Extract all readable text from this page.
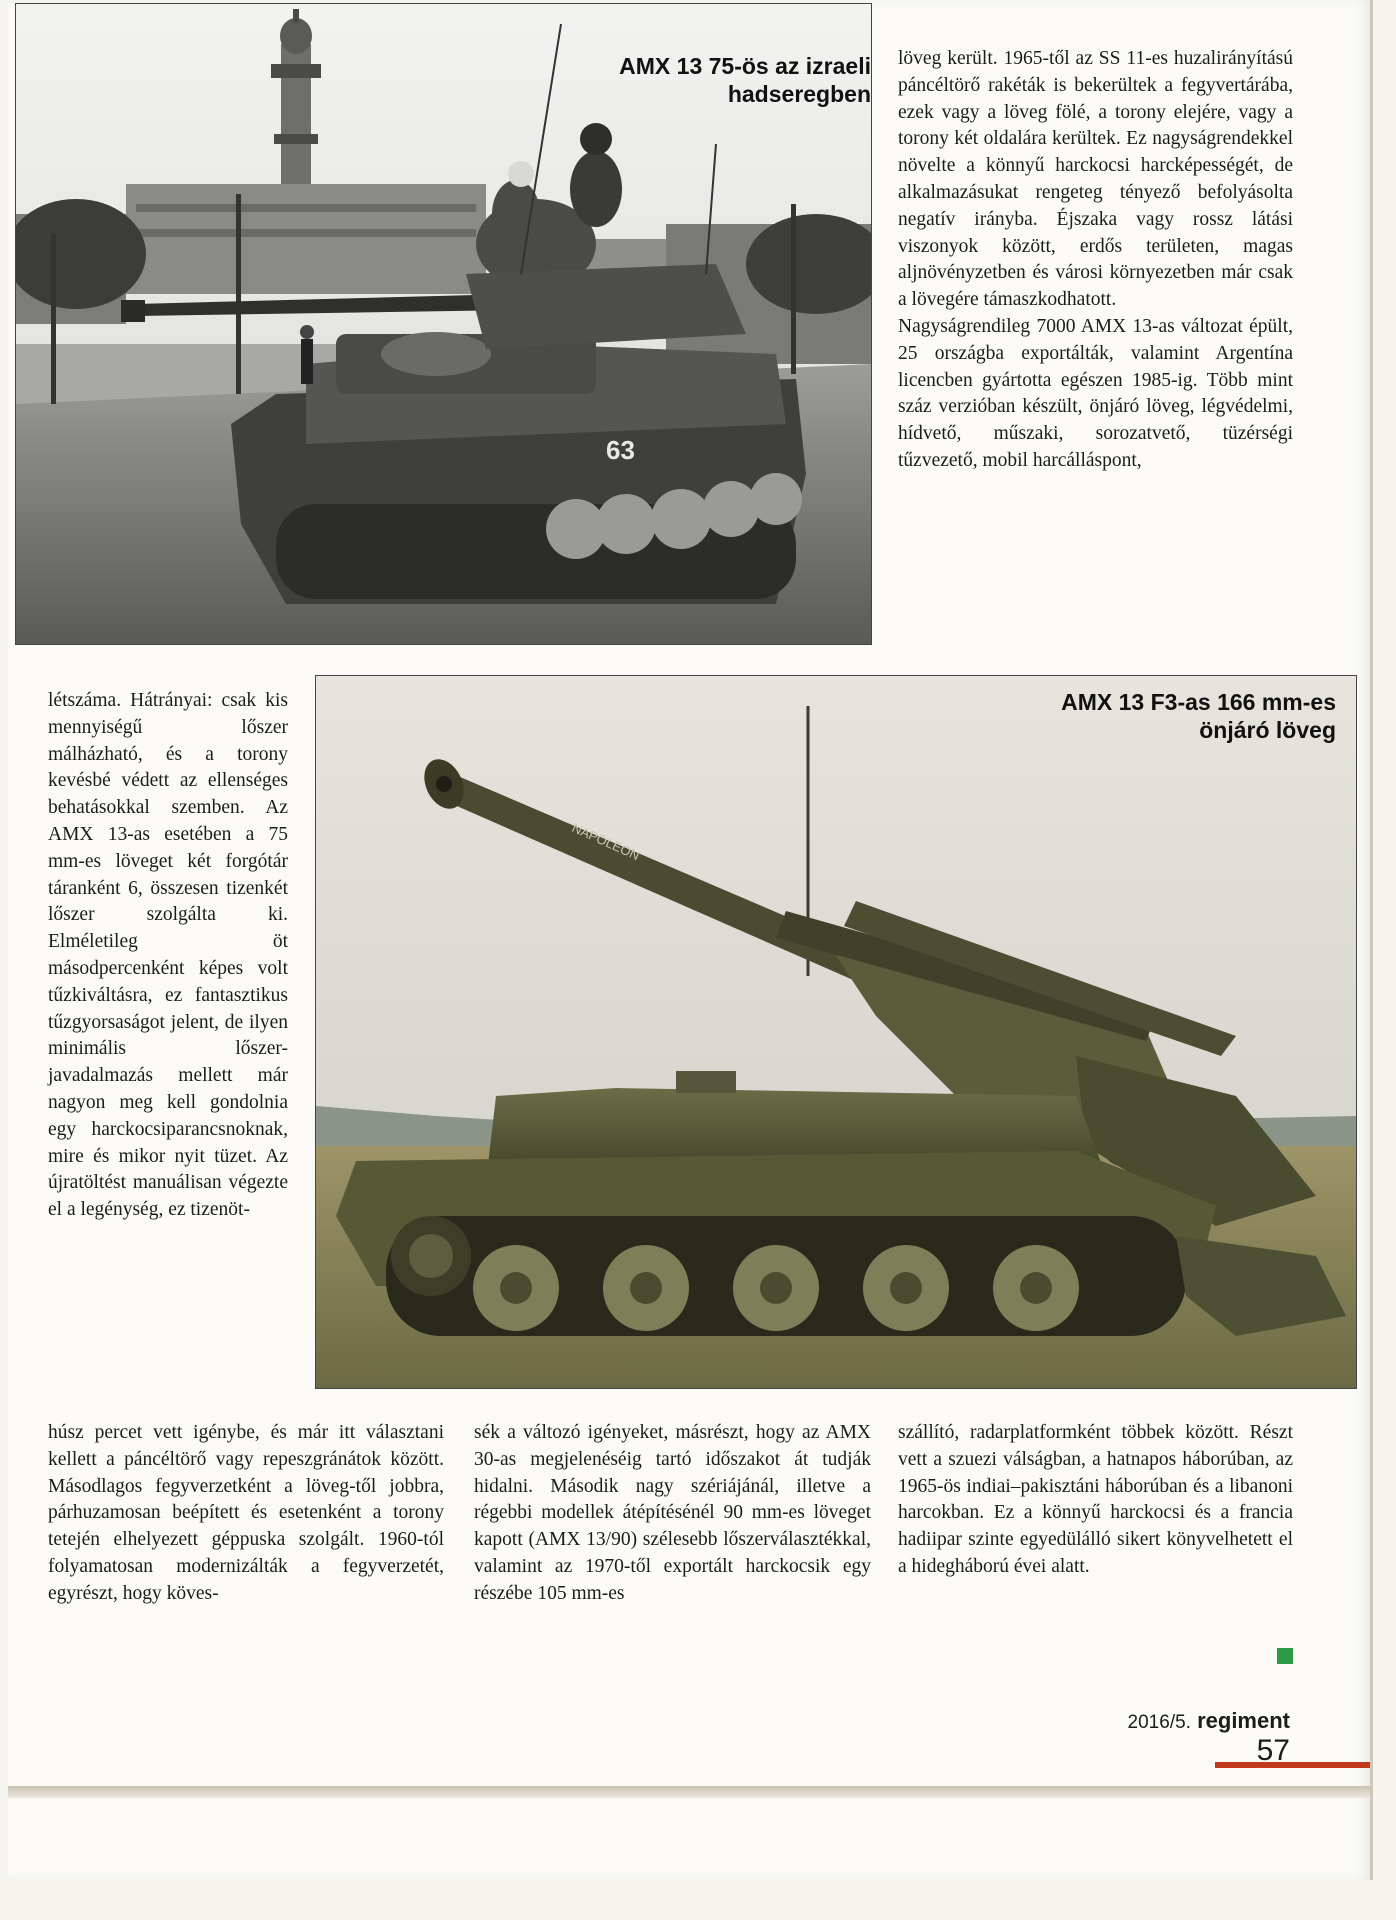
63
AMX 13 75-ös az izraeli
hadseregben
NAPOLEON
AMX 13 F3-as 166 mm-es
önjáró löveg

löveg került. 1965-től az SS 11-es huzalirányítású páncéltörő rakéták is bekerültek a fegyvertárába, ezek vagy a löveg fölé, a torony elejére, vagy a torony két oldalára kerültek. Ez nagyságrendekkel növelte a könnyű harckocsi harcképességét, de alkalmazásukat rengeteg tényező befolyásolta negatív irányba. Éjszaka vagy rossz látási viszonyok között, erdős területen, magas aljnövényzetben és városi környezetben már csak a lövegére támaszkodhatott.

Nagyságrendileg 7000 AMX 13-as változat épült, 25 országba exportálták, valamint Argentína licencben gyártotta egészen 1985-ig. Több mint száz verzióban készült, önjáró löveg, légvédelmi, hídvető, műszaki, sorozatvető, tüzérségi tűzvezető, mobil harcálláspont,

létszáma. Hátrányai: csak kis mennyiségű lőszer málházható, és a torony kevésbé védett az ellenséges behatásokkal szemben. Az AMX 13-as esetében a 75 mm-es löveget két forgótár táranként 6, összesen tizenkét lőszer szolgálta ki. Elméletileg öt másodpercenként képes volt tűzkiváltásra, ez fantasztikus tűzgyorsaságot jelent, de ilyen minimális lőszer-javadalmazás mellett már nagyon meg kell gondolnia egy harckocsiparancsnoknak, mire és mikor nyit tüzet. Az újratöltést manuálisan végezte el a legénység, ez tizenöt-

húsz percet vett igénybe, és már itt választani kellett a páncéltörő vagy repeszgránátok között. Másodlagos fegyverzetként a löveg-től jobbra, párhuzamosan beépített és esetenként a torony tetején elhelyezett géppuska szolgált. 1960-tól folyamatosan modernizálták a fegyverzetét, egyrészt, hogy köves-

sék a változó igényeket, másrészt, hogy az AMX 30-as megjelenéséig tartó időszakot át tudják hidalni. Második nagy szériájánál, illetve a régebbi modellek átépítésénél 90 mm-es löveget kapott (AMX 13/90) szélesebb lőszerválasztékkal, valamint az 1970-től exportált harckocsik egy részébe 105 mm-es

szállító, radarplatformként többek között. Részt vett a szuezi válságban, a hatnapos háborúban, az 1965-ös indiai–pakisztáni háborúban és a libanoni harcokban. Ez a könnyű harckocsi és a francia hadiipar szinte egyedülálló sikert könyvelhetett el a hidegháború évei alatt.

2016/5. regiment 57
